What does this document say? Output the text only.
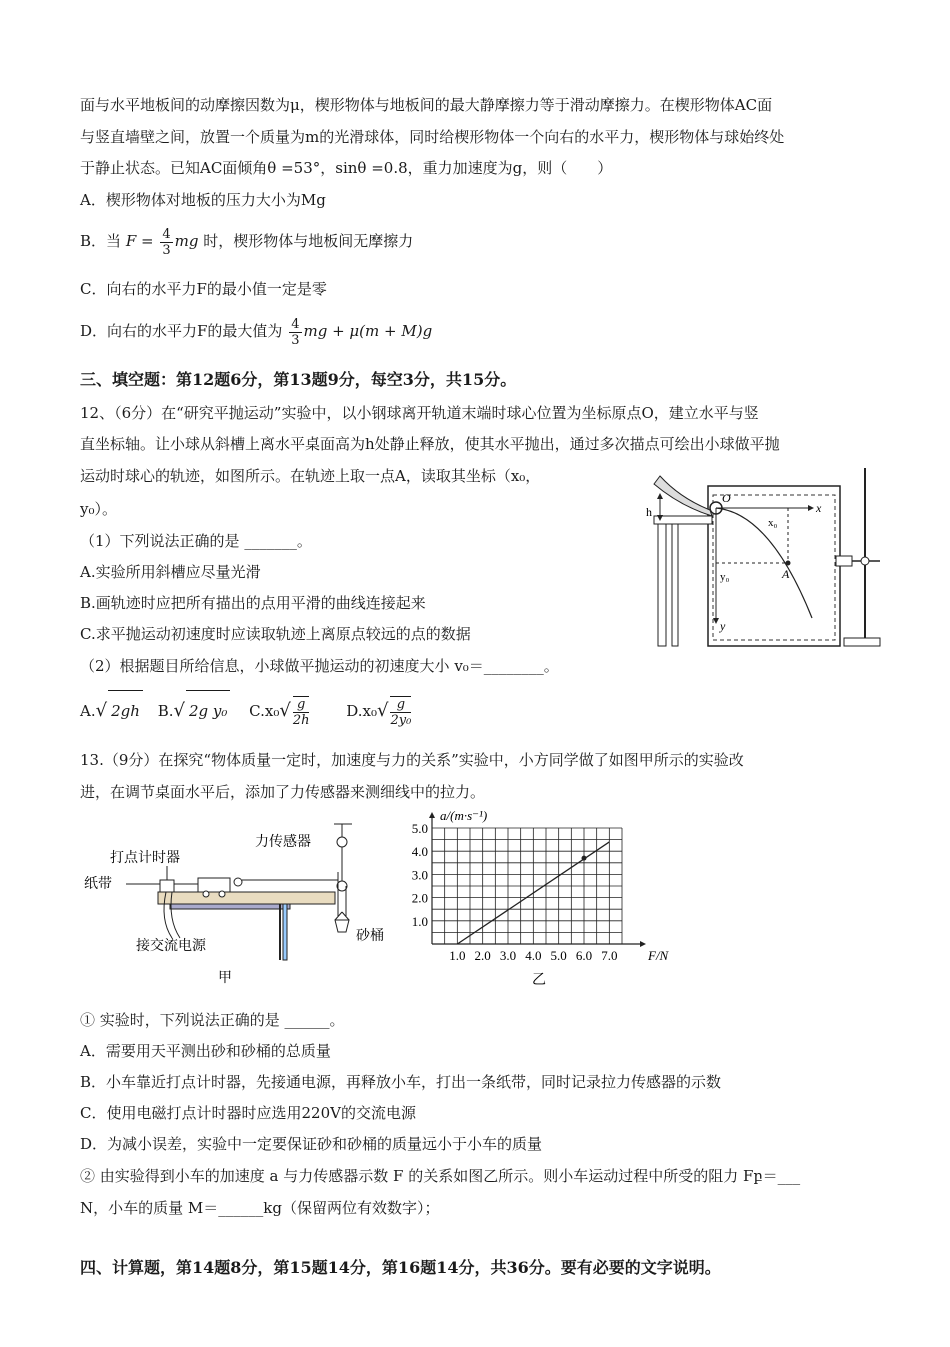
面与水平地板间的动摩擦因数为μ，楔形物体与地板间的最大静摩擦力等于滑动摩擦力。在楔形物体AC面
与竖直墙壁之间，放置一个质量为m的光滑球体，同时给楔形物体一个向右的水平力，楔形物体与球始终处
于静止状态。已知AC面倾角θ =53°，sinθ =0.8，重力加速度为g，则（　　）
A．楔形物体对地板的压力大小为Mg
B．当 $F = \frac{4}{3}$ mg 时，楔形物体与地板间无摩擦力
C．向右的水平力F的最小值一定是零
D．向右的水平力F的最大值为 $\frac{4}{3}$ mg + μ(m + M)g
三、填空题：第12题6分，第13题9分，每空3分，共15分。
12、（6分）在“研究平抛运动”实验中，以小钢球离开轨道末端时球心位置为坐标原点O，建立水平与竖
直坐标轴。让小球从斜槽上离水平桌面高为h处静止释放，使其水平抛出，通过多次描点可绘出小球做平抛
运动时球心的轨迹，如图所示。在轨迹上取一点A，读取其坐标（x₀，
y₀）。
（1）下列说法正确的是 _______。
A.实验所用斜槽应尽量光滑
B.画轨迹时应把所有描出的点用平滑的曲线连接起来
C.求平抛运动初速度时应读取轨迹上离原点较远的点的数据
（2）根据题目所给信息，小球做平抛运动的初速度大小 v₀＝________。
A.√ 2gh B.√ 2g y₀ $C.x_0√ \frac{g}{2h} D.x_0√ \frac{g}{\text{2y₀}}$
h
O
x
y
x₀
y₀	A
13.（9分）在探究“物体质量一定时，加速度与力的关系”实验中，小方同学做了如图甲所示的实验改
进，在调节桌面水平后，添加了力传感器来测细线中的拉力。
打点计时器
纸带
力传感器
砂桶
接交流电源
甲
1.0 2.0 3.0 4.0 5.0 6.0 7.0
1.0
2.0
3.0
4.0
5.0
a/(m·s⁻¹)
F/N
乙
① 实验时，下列说法正确的是 ______。
A．需要用天平测出砂和砂桶的总质量
B．小车靠近打点计时器，先接通电源，再释放小车，打出一条纸带，同时记录拉力传感器的示数
C．使用电磁打点计时器时应选用220V的交流电源
D．为减小误差，实验中一定要保证砂和砂桶的质量远小于小车的质量
② 由实验得到小车的加速度 a 与力传感器示数 F 的关系如图乙所示。则小车运动过程中所受的阻力 Fբ＝___
N，小车的质量 M＝______kg（保留两位有效数字）；
四、计算题，第14题8分，第15题14分，第16题14分，共36分。要有必要的文字说明。
